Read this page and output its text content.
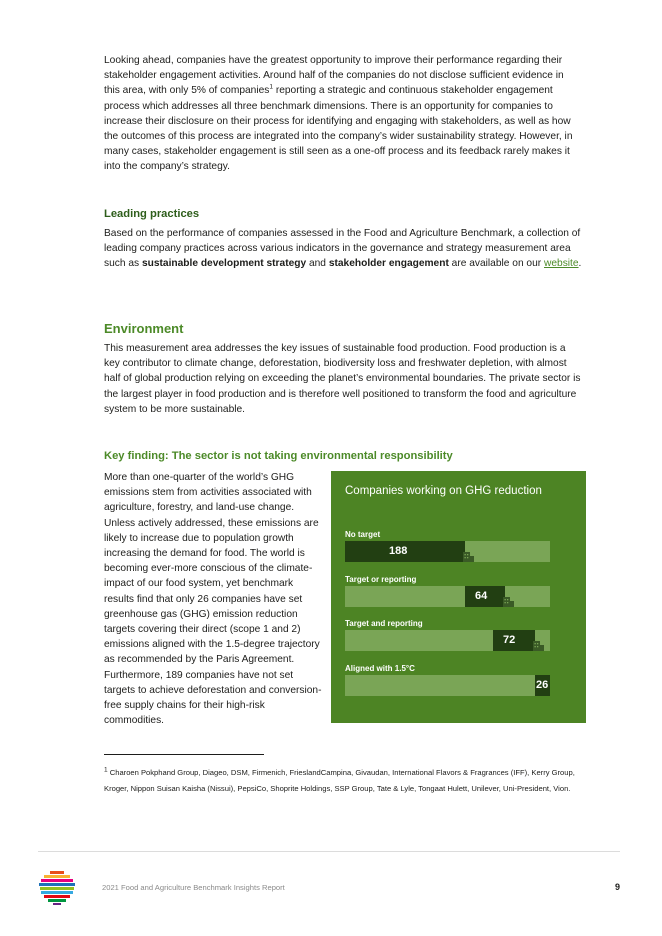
Looking ahead, companies have the greatest opportunity to improve their performance regarding their stakeholder engagement activities. Around half of the companies do not disclose sufficient evidence in this area, with only 5% of companies$^1$ reporting a strategic and continuous stakeholder engagement process which addresses all three benchmark dimensions. There is an opportunity for companies to increase their disclosure on their process for identifying and engaging with stakeholders, as well as how the outcomes of this process are integrated into the company’s wider sustainability strategy. However, in many cases, stakeholder engagement is still seen as a one-off process and its feedback rarely makes it into the company’s strategy.

Leading practices

Based on the performance of companies assessed in the Food and Agriculture Benchmark, a collection of leading company practices across various indicators in the governance and strategy measurement area such as sustainable development strategy and stakeholder engagement are available on our website.

Environment

This measurement area addresses the key issues of sustainable food production. Food production is a key contributor to climate change, deforestation, biodiversity loss and freshwater depletion, with almost half of global production relying on exceeding the planet’s environmental boundaries. The private sector is the largest player in food production and is therefore well positioned to transform the food and agriculture system to be more sustainable.

Key finding: The sector is not taking environmental responsibility

More than one-quarter of the world’s GHG emissions stem from activities associated with agriculture, forestry, and land-use change. Unless actively addressed, these emissions are likely to increase due to population growth increasing the demand for food. The world is becoming ever-more conscious of the climate-impact of our food system, yet benchmark results find that only 26 companies have set greenhouse gas (GHG) emission reduction targets covering their direct (scope 1 and 2) emissions aligned with the 1.5-degree trajectory as recommended by the Paris Agreement. Furthermore, 189 companies have not set targets to achieve deforestation and conversion-free supply chains for their high-risk commodities.

Companies working on GHG reduction

No target
188
Target or reporting
64
Target and reporting
72
Aligned with 1.5°C
26

$^1$ Charoen Pokphand Group, Diageo, DSM, Firmenich, FrieslandCampina, Givaudan, International Flavors & Fragrances (IFF), Kerry Group, Kroger, Nippon Suisan Kaisha (Nissui), PepsiCo, Shoprite Holdings, SSP Group, Tate & Lyle, Tongaat Hulett, Unilever, Uni-President, Vion.

2021 Food and Agriculture Benchmark Insights Report	9
